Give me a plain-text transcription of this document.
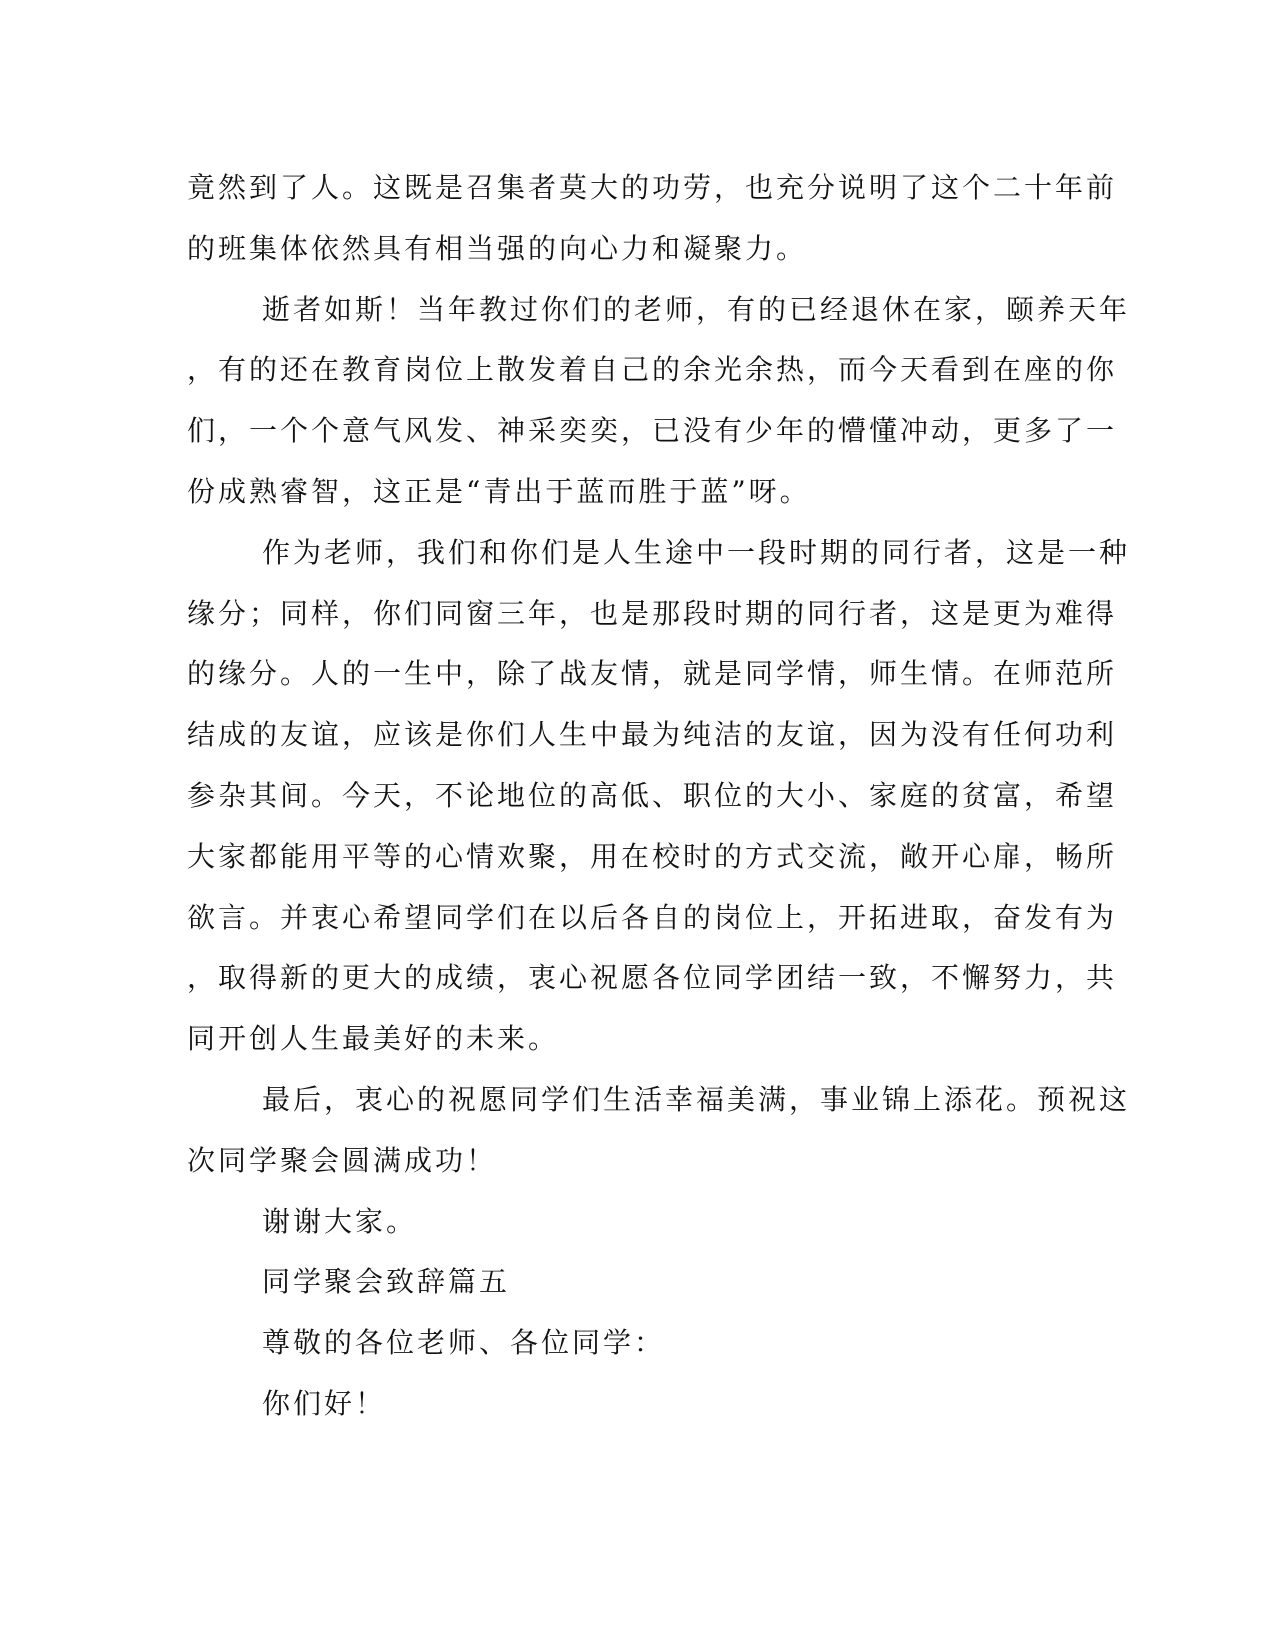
竟然到了人。这既是召集者莫大的功劳，也充分说明了这个二十年前
的班集体依然具有相当强的向心力和凝聚力。
逝者如斯！当年教过你们的老师，有的已经退休在家，颐养天年
，有的还在教育岗位上散发着自己的余光余热，而今天看到在座的你
们，一个个意气风发、神采奕奕，已没有少年的懵懂冲动，更多了一
份成熟睿智，这正是“青出于蓝而胜于蓝”呀。
作为老师，我们和你们是人生途中一段时期的同行者，这是一种
缘分；同样，你们同窗三年，也是那段时期的同行者，这是更为难得
的缘分。人的一生中，除了战友情，就是同学情，师生情。在师范所
结成的友谊，应该是你们人生中最为纯洁的友谊，因为没有任何功利
参杂其间。今天，不论地位的高低、职位的大小、家庭的贫富，希望
大家都能用平等的心情欢聚，用在校时的方式交流，敞开心扉，畅所
欲言。并衷心希望同学们在以后各自的岗位上，开拓进取，奋发有为
，取得新的更大的成绩，衷心祝愿各位同学团结一致，不懈努力，共
同开创人生最美好的未来。
最后，衷心的祝愿同学们生活幸福美满，事业锦上添花。预祝这
次同学聚会圆满成功！
谢谢大家。
同学聚会致辞篇五
尊敬的各位老师、各位同学：
你们好！
